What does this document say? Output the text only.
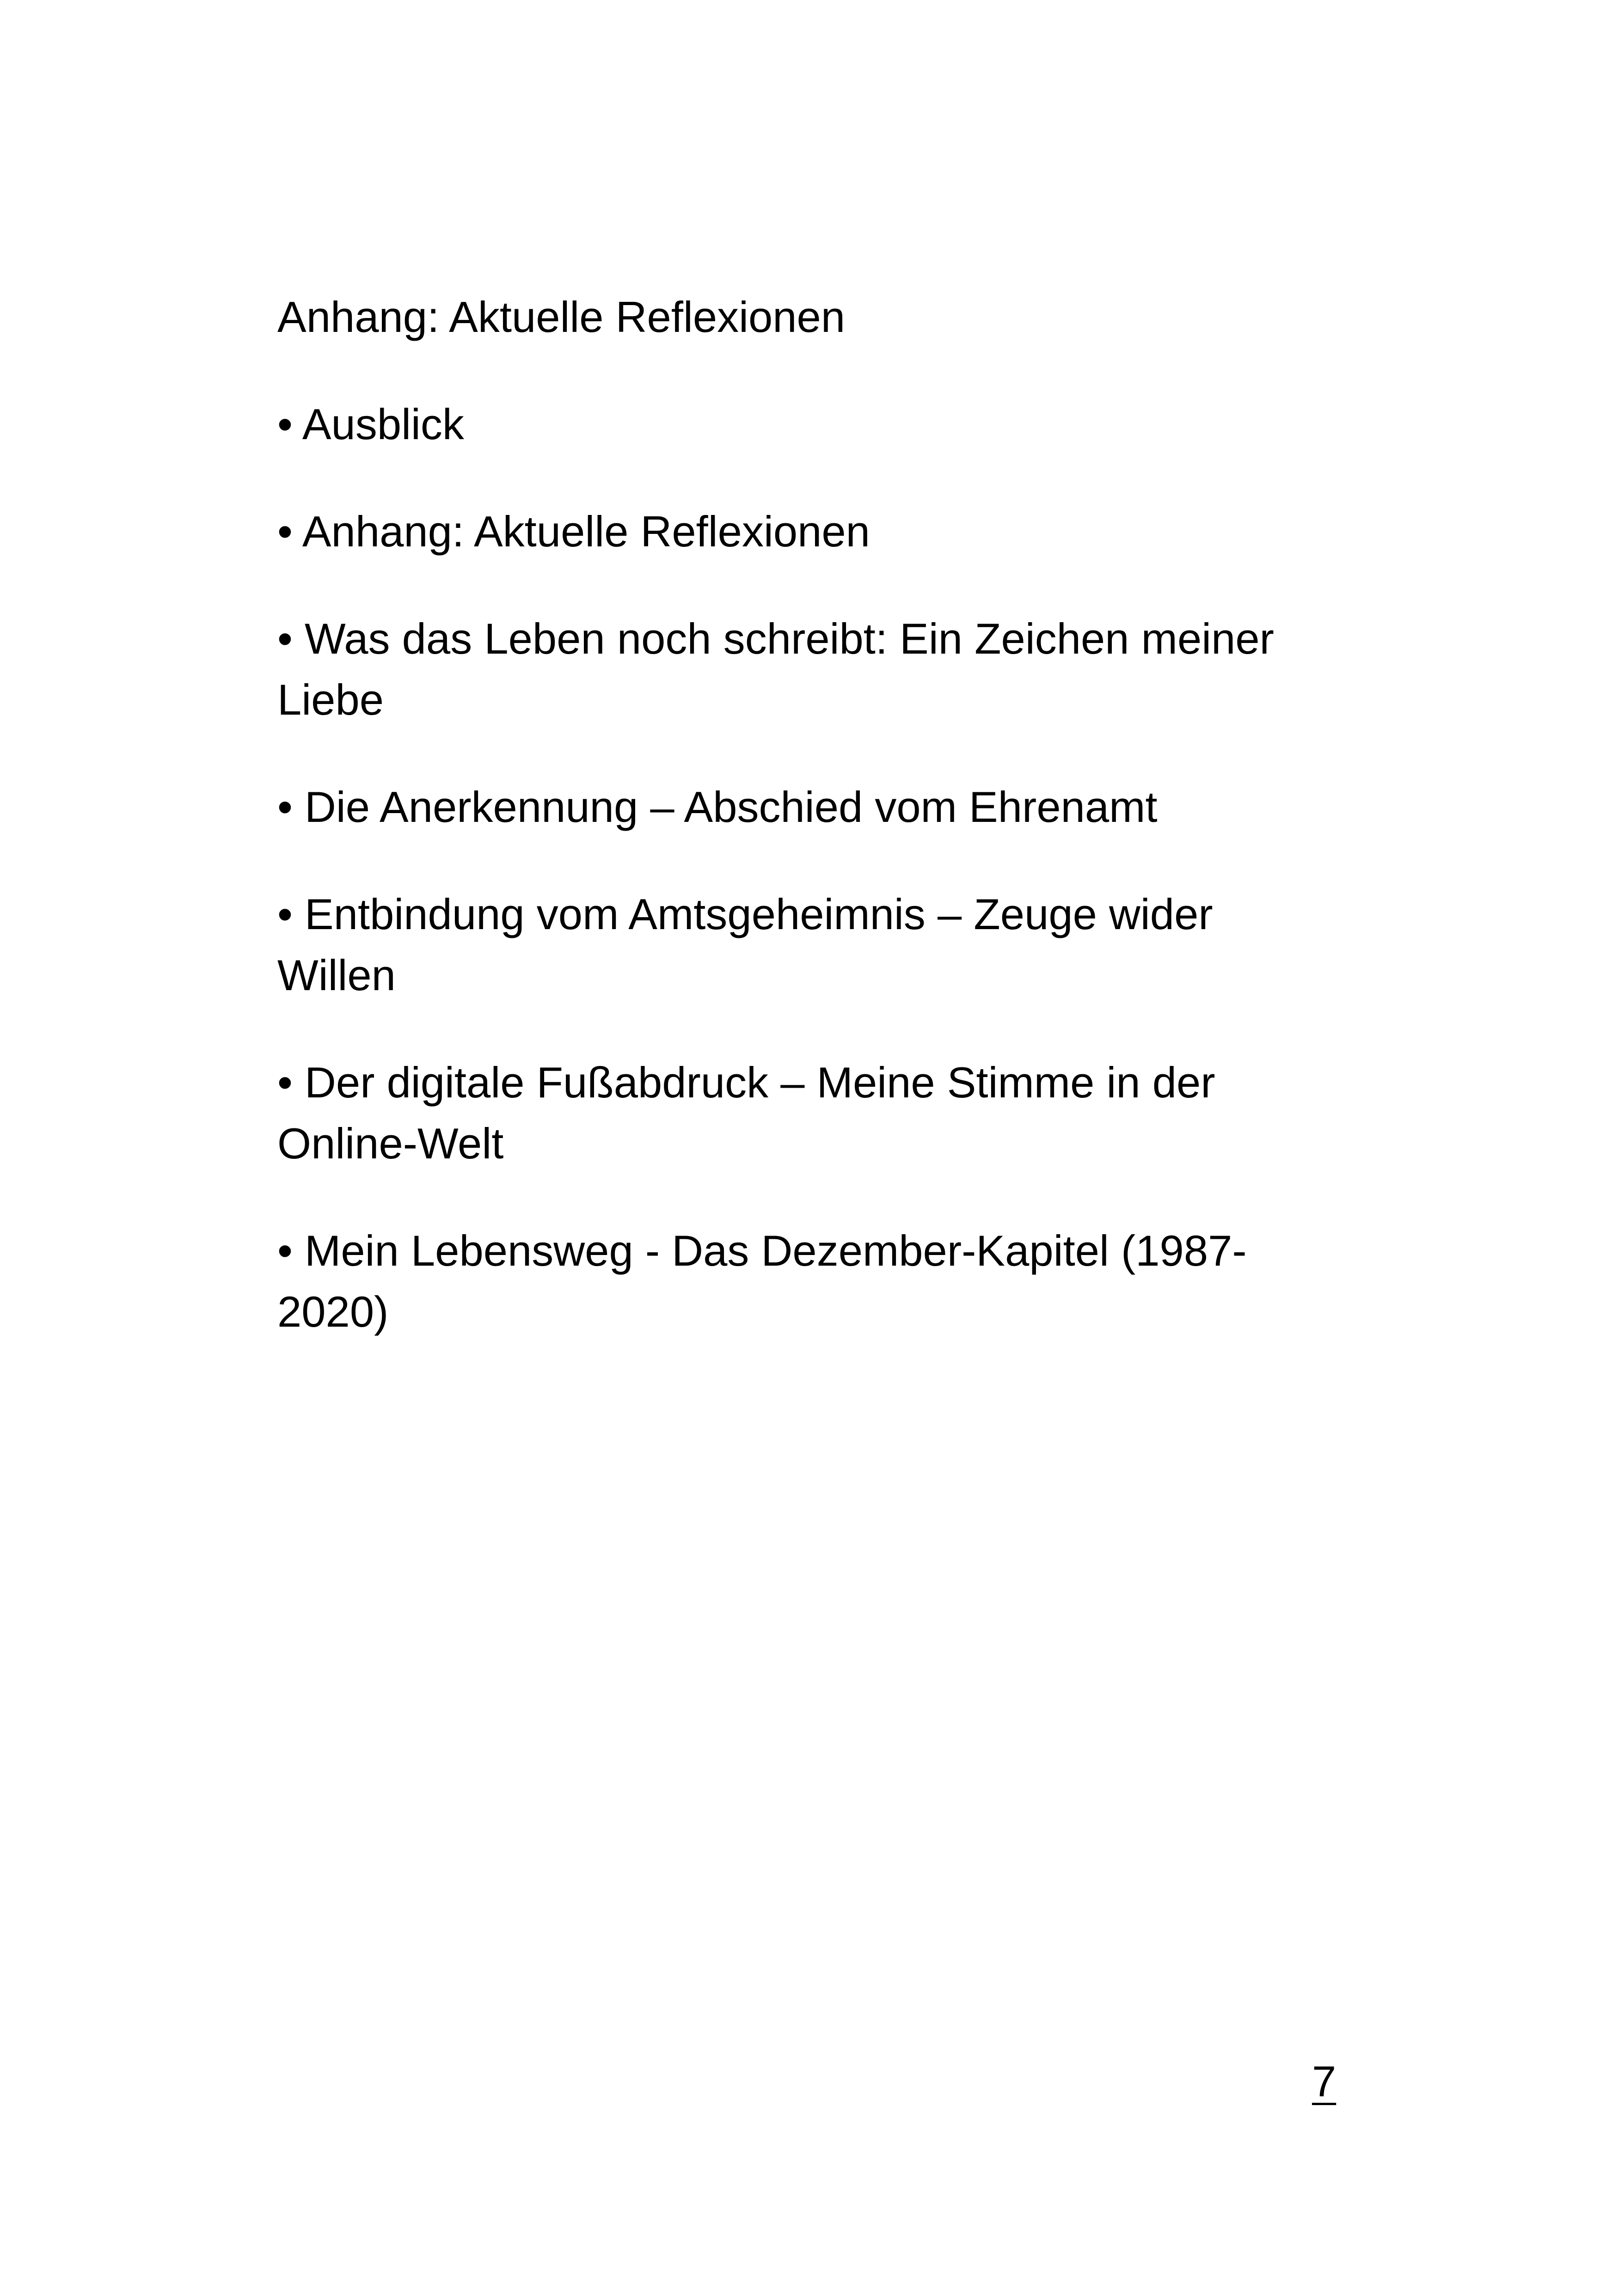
Anhang: Aktuelle Reflexionen
• Ausblick
• Anhang: Aktuelle Reflexionen
• Was das Leben noch schreibt: Ein Zeichen meiner Liebe
• Die Anerkennung – Abschied vom Ehrenamt
• Entbindung vom Amtsgeheimnis – Zeuge wider Willen
• Der digitale Fußabdruck – Meine Stimme in der Online-Welt
• Mein Lebensweg - Das Dezember-Kapitel (1987-2020)
7
